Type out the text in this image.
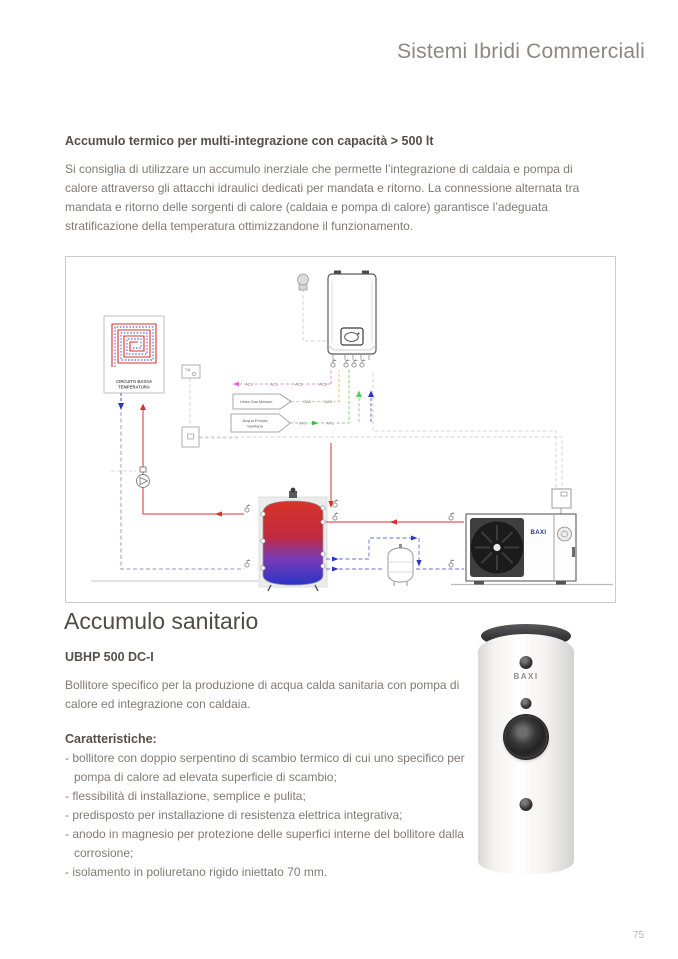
Sistemi Ibridi Commerciali
Accumulo termico per multi-integrazione con capacità > 500 lt

Si consiglia di utilizzare un accumulo inerziale che permette l’integrazione di caldaia e pompa di calore attraverso gli attacchi idraulici dedicati per mandata e ritorno. La connessione alternata tra mandata e ritorno delle sorgenti di calore (caldaia e pompa di calore) garantisce l’adeguata stratificazione della temperatura ottimizzandone il funzionamento.

CIRCUITO BASSA
TEMPERATURA
T.A.
ACS	ACS	ACS	ACS
Linea Gas Metano	GAS	GAS
Acqua Fredda
Sanitaria	AFS	AFS
BAXI
Accumulo sanitario
UBHP 500 DC-I

Bollitore specifico per la produzione di acqua calda sanitaria con pompa di calore ed integrazione con caldaia.

Caratteristiche:

- bollitore con doppio serpentino di scambio termico di cui uno specifico per pompa di calore ad elevata superficie di scambio;
- flessibilità di installazione, semplice e pulita;
- predisposto per installazione di resistenza elettrica integrativa;
- anodo in magnesio per protezione delle superfici interne del bollitore dalla corrosione;
- isolamento in poliuretano rigido iniettato 70 mm.
BAXI
75
